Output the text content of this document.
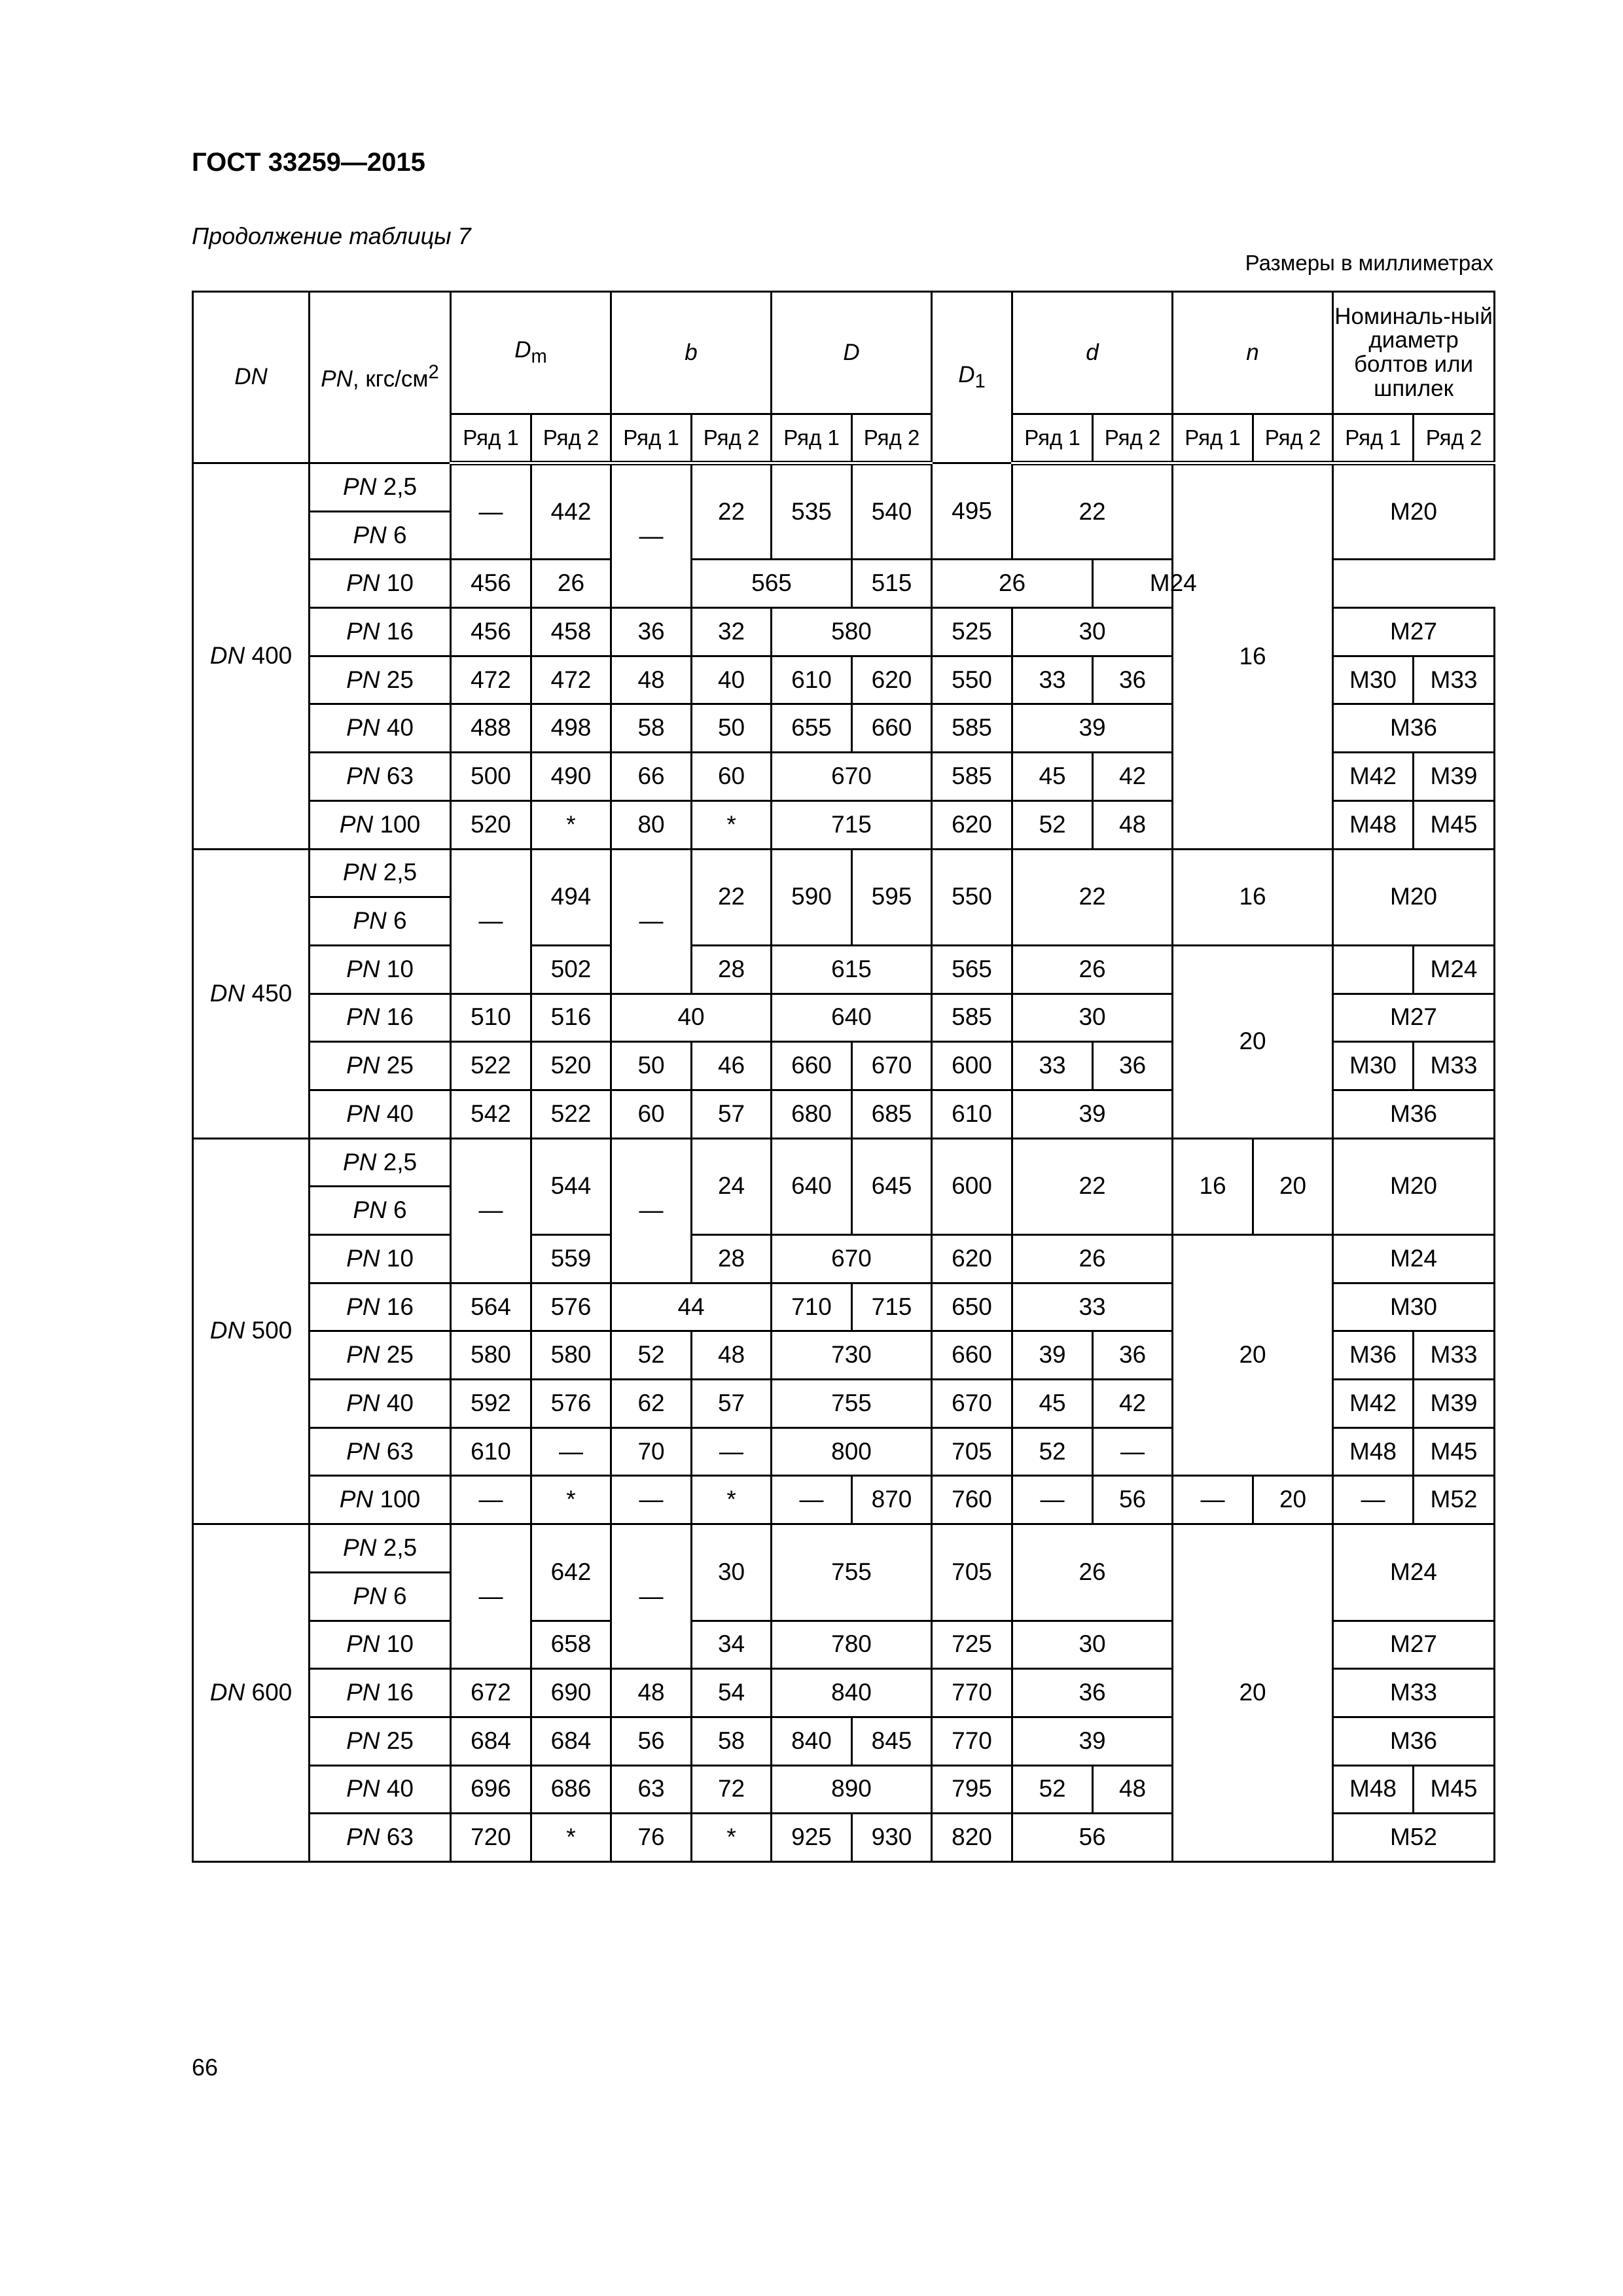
ГОСТ 33259—2015
Продолжение таблицы 7
Размеры в миллиметрах
DN	PN, кгс/$см^2$	$D_m$		b		D		$D_1$	d		n		Номиналь-ный диаметр болтов или шпилек	
		Ряд 1	Ряд 2	Ряд 1	Ряд 2	Ряд 1	Ряд 2		Ряд 1	Ряд 2	Ряд 1	Ряд 2	Ряд 1	Ряд 2
DN 400	PN 2,5	—	442	—	22	535	540	495	22		16		M20	
	PN 6													
	PN 10	456	26		565		515	26		M24				
	PN 16	456	458	36	32	580		525	30				M27	
	PN 25	472	472	48	40	610	620	550	33	36			M30	M33
	PN 40	488	498	58	50	655	660	585	39				M36	
	PN 63	500	490	66	60	670		585	45	42			M42	M39
	PN 100	520	*	80	*	715		620	52	48			M48	M45
DN 450	PN 2,5	—	494	—	22	590	595	550	22		16		M20	
	PN 6													
	PN 10		502		28	615		565	26		20			M24
	PN 16	510	516	40		640		585	30				M27	
	PN 25	522	520	50	46	660	670	600	33	36			M30	M33
	PN 40	542	522	60	57	680	685	610	39				M36	
DN 500	PN 2,5	—	544	—	24	640	645	600	22		16	20	M20	
	PN 6													
	PN 10		559		28	670		620	26		20		M24	
	PN 16	564	576	44		710	715	650	33				M30	
	PN 25	580	580	52	48	730		660	39	36			M36	M33
	PN 40	592	576	62	57	755		670	45	42			M42	M39
	PN 63	610	—	70	—	800		705	52	—			M48	M45
	PN 100	—	*	—	*	—	870	760	—	56	—	20	—	M52
DN 600	PN 2,5	—	642	—	30	755		705	26		20		M24	
	PN 6													
	PN 10		658		34	780		725	30				M27	
	PN 16	672	690	48	54	840		770	36				M33	
	PN 25	684	684	56	58	840	845	770	39				M36	
	PN 40	696	686	63	72	890		795	52	48			M48	M45
	PN 63	720	*	76	*	925	930	820	56				M52	
66
